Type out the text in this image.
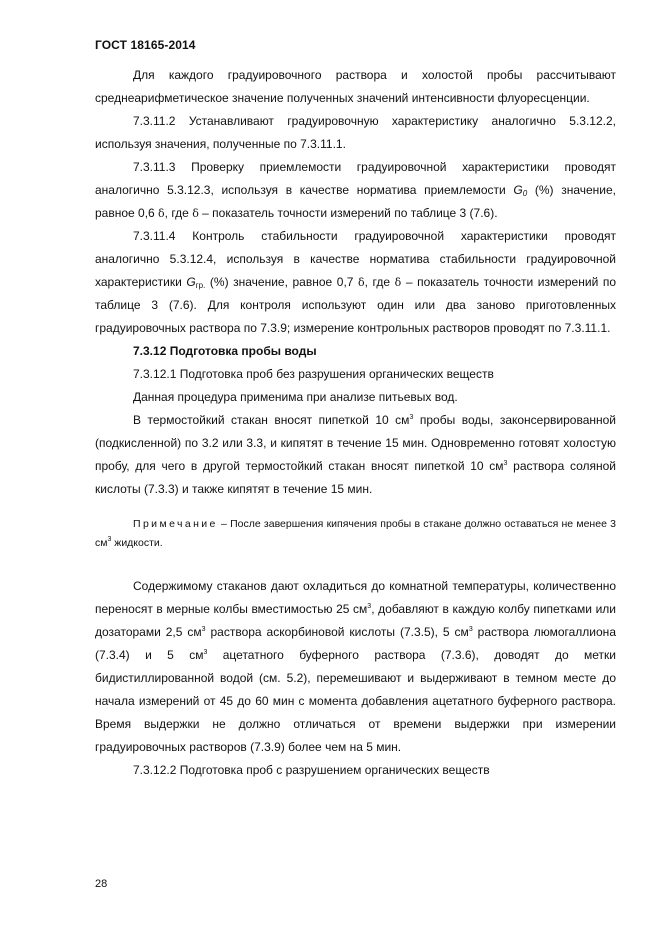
ГОСТ 18165-2014

Для каждого градуировочного раствора и холостой пробы рассчитывают среднеарифметическое значение полученных значений интенсивности флуоресценции.

7.3.11.2 Устанавливают градуировочную характеристику аналогично 5.3.12.2, используя значения, полученные по 7.3.11.1.

7.3.11.3 Проверку приемлемости градуировочной характеристики проводят аналогично 5.3.12.3, используя в качестве норматива приемлемости $G_0$ (%) значение, равное 0,6 δ, где δ – показатель точности измерений по таблице 3 (7.6).

7.3.11.4 Контроль стабильности градуировочной характеристики проводят аналогично 5.3.12.4, используя в качестве норматива стабильности градуировочной характеристики $G_{гр.}$ (%) значение, равное 0,7 δ, где δ – показатель точности измерений по таблице 3 (7.6). Для контроля используют один или два заново приготовленных градуировочных раствора по 7.3.9; измерение контрольных растворов проводят по 7.3.11.1.

7.3.12 Подготовка пробы воды

7.3.12.1 Подготовка проб без разрушения органических веществ

Данная процедура применима при анализе питьевых вод.

В термостойкий стакан вносят пипеткой 10 $см^3$ пробы воды, законсервированной (подкисленной) по 3.2 или 3.3, и кипятят в течение 15 мин. Одновременно готовят холостую пробу, для чего в другой термостойкий стакан вносят пипеткой 10 $см^3$ раствора соляной кислоты (7.3.3) и также кипятят в течение 15 мин.

Примечание – После завершения кипячения пробы в стакане должно оставаться не менее 3 $см^3$ жидкости.

Содержимому стаканов дают охладиться до комнатной температуры, количественно переносят в мерные колбы вместимостью 25 $см^3$, добавляют в каждую колбу пипетками или дозаторами 2,5 $см^3$ раствора аскорбиновой кислоты (7.3.5), 5 $см^3$ раствора люмогаллиона (7.3.4) и 5 $см^3$ ацетатного буферного раствора (7.3.6), доводят до метки бидистиллированной водой (см. 5.2), перемешивают и выдерживают в темном месте до начала измерений от 45 до 60 мин с момента добавления ацетатного буферного раствора. Время выдержки не должно отличаться от времени выдержки при измерении градуировочных растворов (7.3.9) более чем на 5 мин.

7.3.12.2 Подготовка проб с разрушением органических веществ

28
